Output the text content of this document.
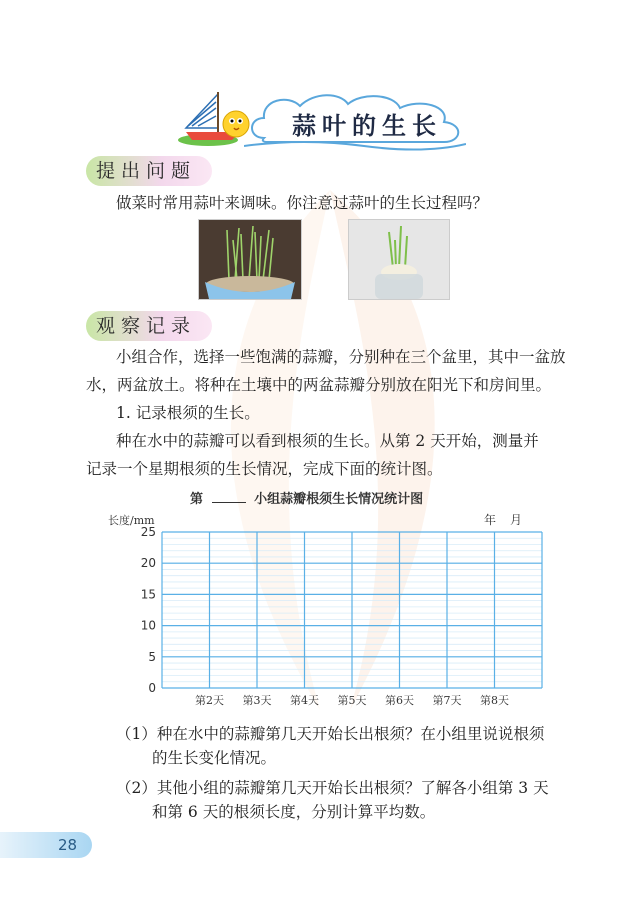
蒜叶的生长
提出问题
做菜时常用蒜叶来调味。你注意过蒜叶的生长过程吗？
观察记录
小组合作，选择一些饱满的蒜瓣，分别种在三个盆里，其中一盆放
水，两盆放土。将种在土壤中的两盆蒜瓣分别放在阳光下和房间里。
1. 记录根须的生长。
种在水中的蒜瓣可以看到根须的生长。从第 2 天开始，测量并
记录一个星期根须的生长情况，完成下面的统计图。
第	小组蒜瓣根须生长情况统计图
0
5
10
15
20
25
第2天 第3天 第4天 第5天 第6天 第7天 第8天
长度/mm	年 月
（1）种在水中的蒜瓣第几天开始长出根须？在小组里说说根须
的生长变化情况。
（2）其他小组的蒜瓣第几天开始长出根须？了解各小组第 3 天
和第 6 天的根须长度，分别计算平均数。
28
